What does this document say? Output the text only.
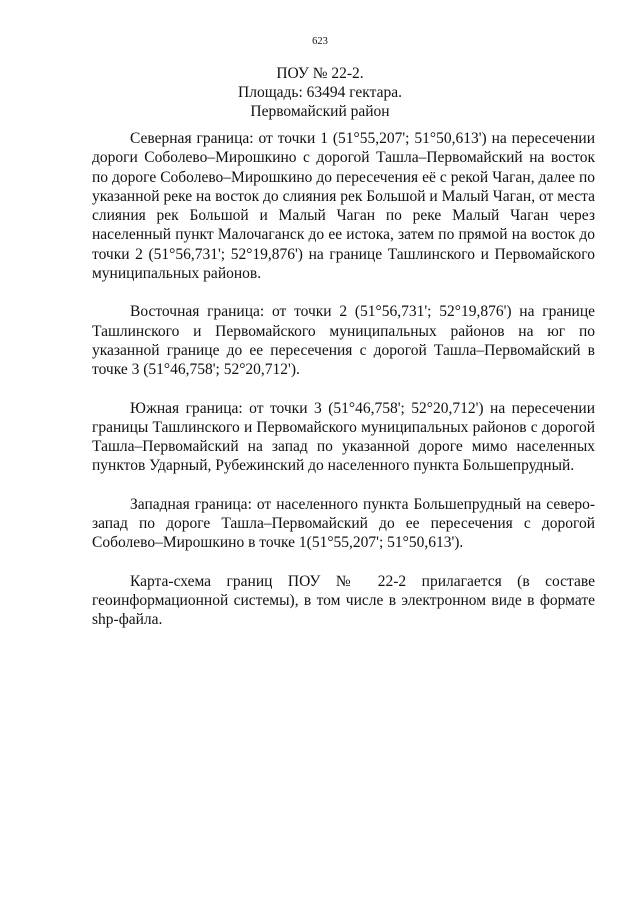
623
ПОУ № 22-2.
Площадь: 63494 гектара.
Первомайский район

Северная граница: от точки 1 (51°55,207'; 51°50,613') на пересечении дороги Соболево–Мирошкино с дорогой Ташла–Первомайский на восток по дороге Соболево–Мирошкино до пересечения её с рекой Чаган, далее по указанной реке на восток до слияния рек Большой и Малый Чаган, от места слияния рек Большой и Малый Чаган по реке Малый Чаган через населенный пункт Малочаганск до ее истока, затем по прямой на восток до точки 2 (51°56,731'; 52°19,876') на границе Ташлинского и Первомайского муниципальных районов.

Восточная граница: от точки 2 (51°56,731'; 52°19,876') на границе Ташлинского и Первомайского муниципальных районов на юг по указанной границе до ее пересечения с дорогой Ташла–Первомайский в точке 3 (51°46,758'; 52°20,712').

Южная граница: от точки 3 (51°46,758'; 52°20,712') на пересечении границы Ташлинского и Первомайского муниципальных районов с дорогой Ташла–Первомайский на запад по указанной дороге мимо населенных пунктов Ударный, Рубежинский до населенного пункта Большепрудный.

Западная граница: от населенного пункта Большепрудный на северо-запад по дороге Ташла–Первомайский до ее пересечения с дорогой Соболево–Мирошкино в точке 1(51°55,207'; 51°50,613').

Карта-схема границ ПОУ № 22-2 прилагается (в составе геоинформационной системы), в том числе в электронном виде в формате shp-файла.
